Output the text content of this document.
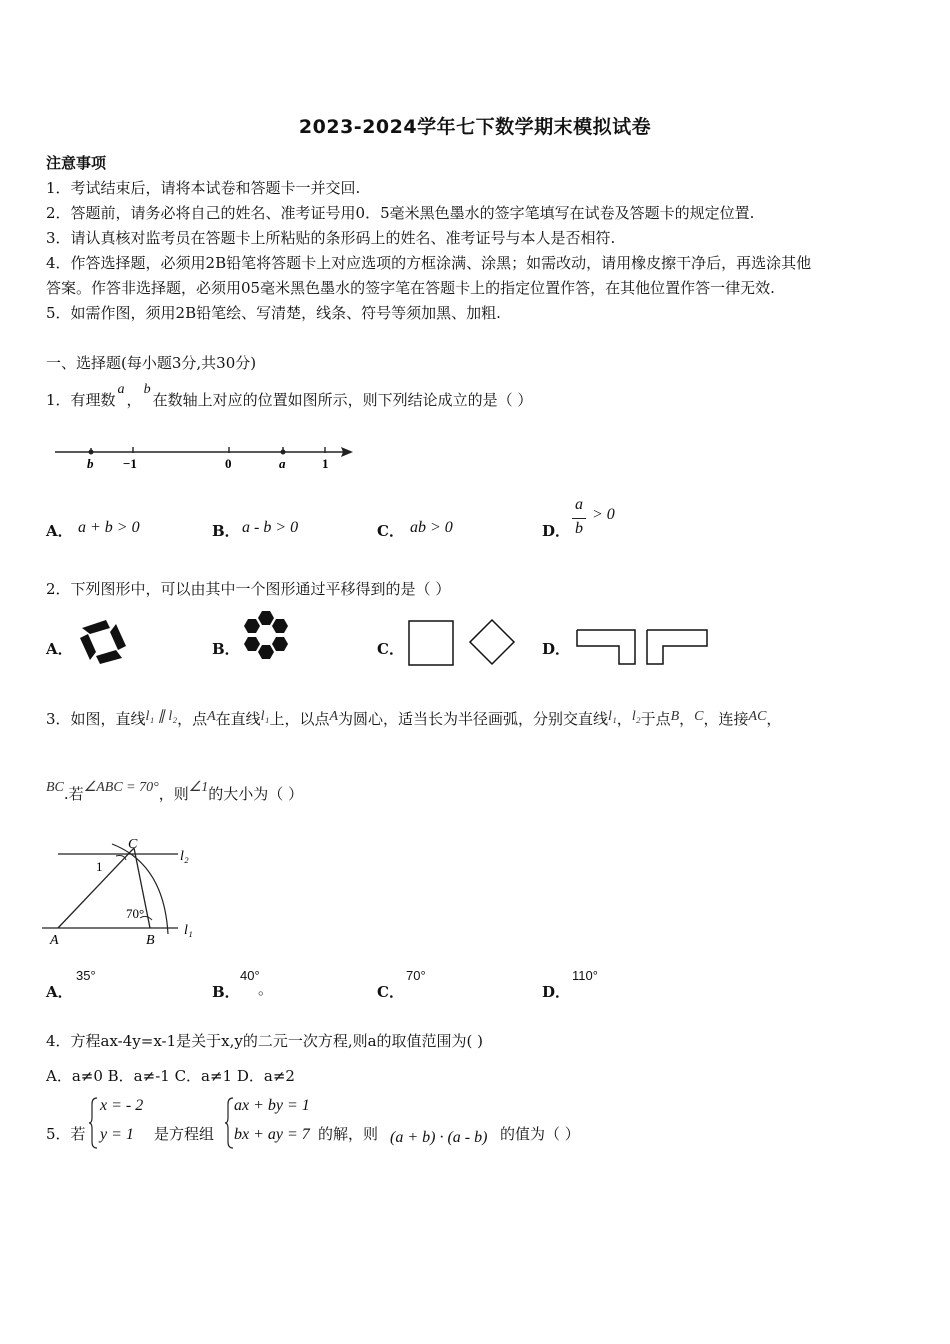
2023-2024学年七下数学期末模拟试卷
注意事项
1．考试结束后，请将本试卷和答题卡一并交回.
2．答题前，请务必将自己的姓名、准考证号用0．5毫米黑色墨水的签字笔填写在试卷及答题卡的规定位置.
3．请认真核对监考员在答题卡上所粘贴的条形码上的姓名、准考证号与本人是否相符.
4．作答选择题，必须用2B铅笔将答题卡上对应选项的方框涂满、涂黑；如需改动，请用橡皮擦干净后，再选涂其他
答案。作答非选择题，必须用05毫米黑色墨水的签字笔在答题卡上的指定位置作答，在其他位置作答一律无效.
5．如需作图，须用2B铅笔绘、写清楚，线条、符号等须加黑、加粗.
一、选择题(每小题3分,共30分)
1．有理数a，b在数轴上对应的位置如图所示，则下列结论成立的是（ ）
b −1	0	a	1
A． a + b > 0	B． a - b > 0	C． ab > 0	D．
a
b
> 0
2．下列图形中，可以由其中一个图形通过平移得到的是（ ）
A．	B．	C．	D．
3．如图，直线l₁ ∥ l₂，点A在直线l₁上，以点A为圆心，适当长为半径画弧，分别交直线l₁，l₂于点B，C，连接AC，
BC.若∠ABC = 70°，则∠1的大小为（ ）
C
l₂
1
70°
A	B
l₁
A．
35°
B．
40°
。	C．
70°
D．
110°
4．方程ax-4y=x-1是关于x,y的二元一次方程,则a的取值范围为( )
A．a≠0 B．a≠-1 C．a≠1 D．a≠2
5．若
x = - 2
y = 1 是方程组
ax + by = 1
bx + ay = 7 的解，则 (a + b) · (a - b) 的值为（ ）
